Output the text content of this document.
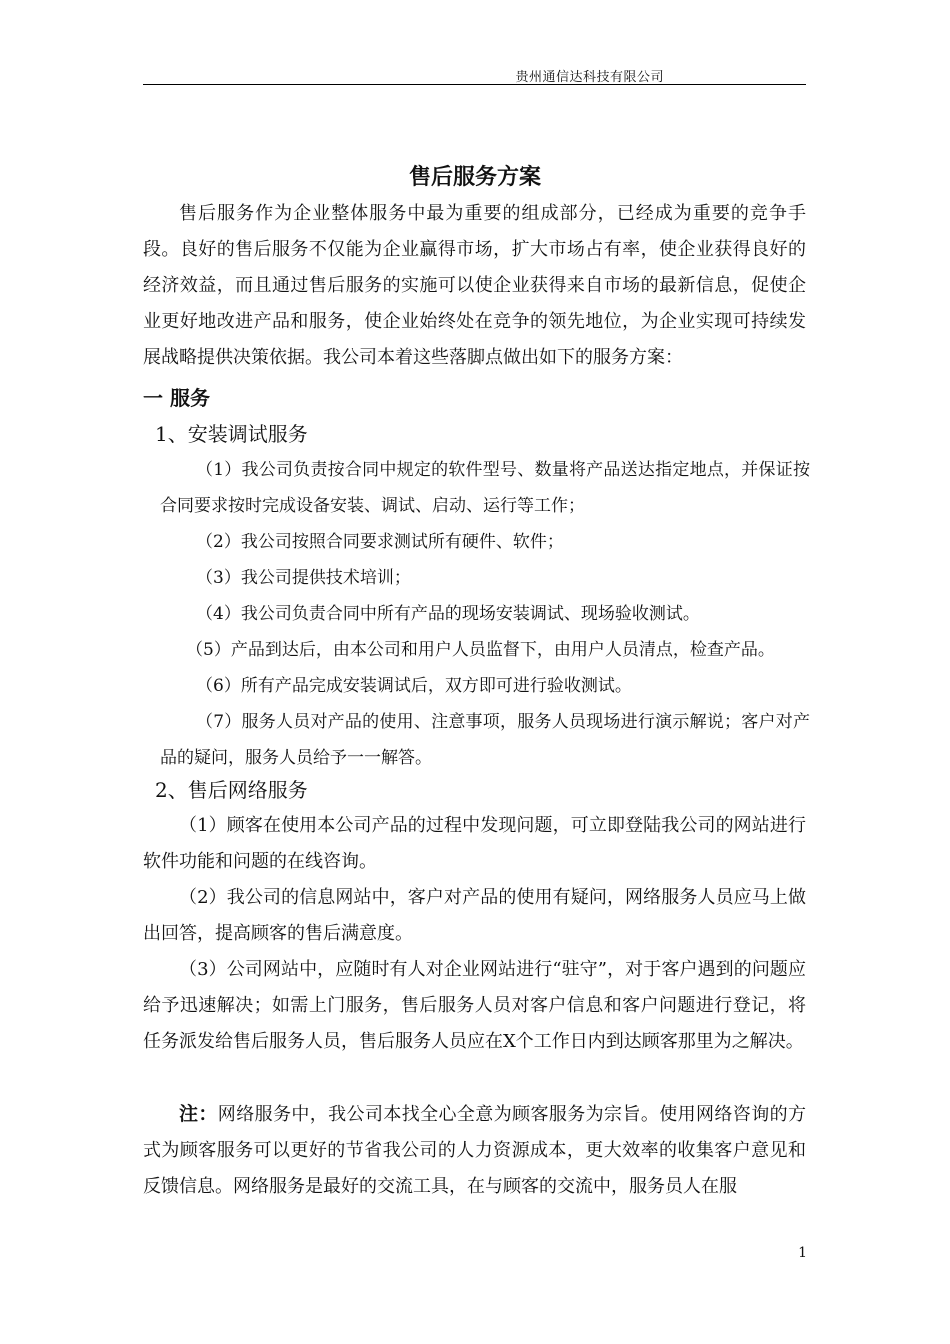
贵州通信达科技有限公司
售后服务方案

售后服务作为企业整体服务中最为重要的组成部分，已经成为重要的竞争手段。良好的售后服务不仅能为企业赢得市场，扩大市场占有率，使企业获得良好的经济效益，而且通过售后服务的实施可以使企业获得来自市场的最新信息，促使企业更好地改进产品和服务，使企业始终处在竞争的领先地位，为企业实现可持续发展战略提供决策依据。我公司本着这些落脚点做出如下的服务方案：

一 服务
1、安装调试服务

（1）我公司负责按合同中规定的软件型号、数量将产品送达指定地点，并保证按合同要求按时完成设备安装、调试、启动、运行等工作；

（2）我公司按照合同要求测试所有硬件、软件；

（3）我公司提供技术培训；

（4）我公司负责合同中所有产品的现场安装调试、现场验收测试。

（5）产品到达后，由本公司和用户人员监督下，由用户人员清点，检查产品。

（6）所有产品完成安装调试后，双方即可进行验收测试。

（7）服务人员对产品的使用、注意事项，服务人员现场进行演示解说；客户对产品的疑问，服务人员给予一一解答。

2、售后网络服务

（1）顾客在使用本公司产品的过程中发现问题，可立即登陆我公司的网站进行软件功能和问题的在线咨询。

（2）我公司的信息网站中，客户对产品的使用有疑问，网络服务人员应马上做出回答，提高顾客的售后满意度。

（3）公司网站中，应随时有人对企业网站进行“驻守”，对于客户遇到的问题应给予迅速解决；如需上门服务，售后服务人员对客户信息和客户问题进行登记，将任务派发给售后服务人员，售后服务人员应在X个工作日内到达顾客那里为之解决。

注：网络服务中，我公司本找全心全意为顾客服务为宗旨。使用网络咨询的方式为顾客服务可以更好的节省我公司的人力资源成本，更大效率的收集客户意见和反馈信息。网络服务是最好的交流工具，在与顾客的交流中，服务员人在服

1
